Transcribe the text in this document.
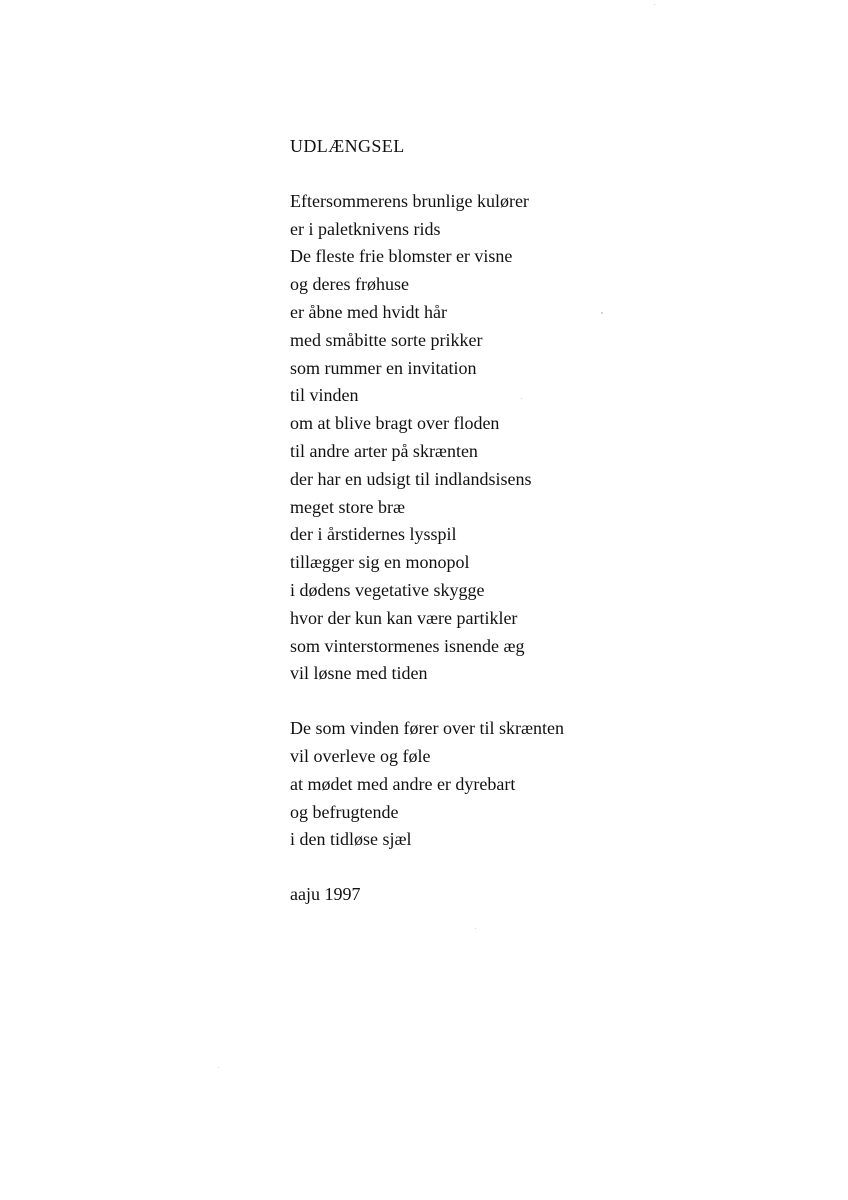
UDLÆNGSEL
Eftersommerens brunlige kulører
er i paletknivens rids
De fleste frie blomster er visne
og deres frøhuse
er åbne med hvidt hår
med småbitte sorte prikker
som rummer en invitation
til vinden
om at blive bragt over floden
til andre arter på skrænten
der har en udsigt til indlandsisens
meget store bræ
der i årstidernes lysspil
tillægger sig en monopol
i dødens vegetative skygge
hvor der kun kan være partikler
som vinterstormenes isnende æg
vil løsne med tiden
De som vinden fører over til skrænten
vil overleve og føle
at mødet med andre er dyrebart
og befrugtende
i den tidløse sjæl
aaju 1997
